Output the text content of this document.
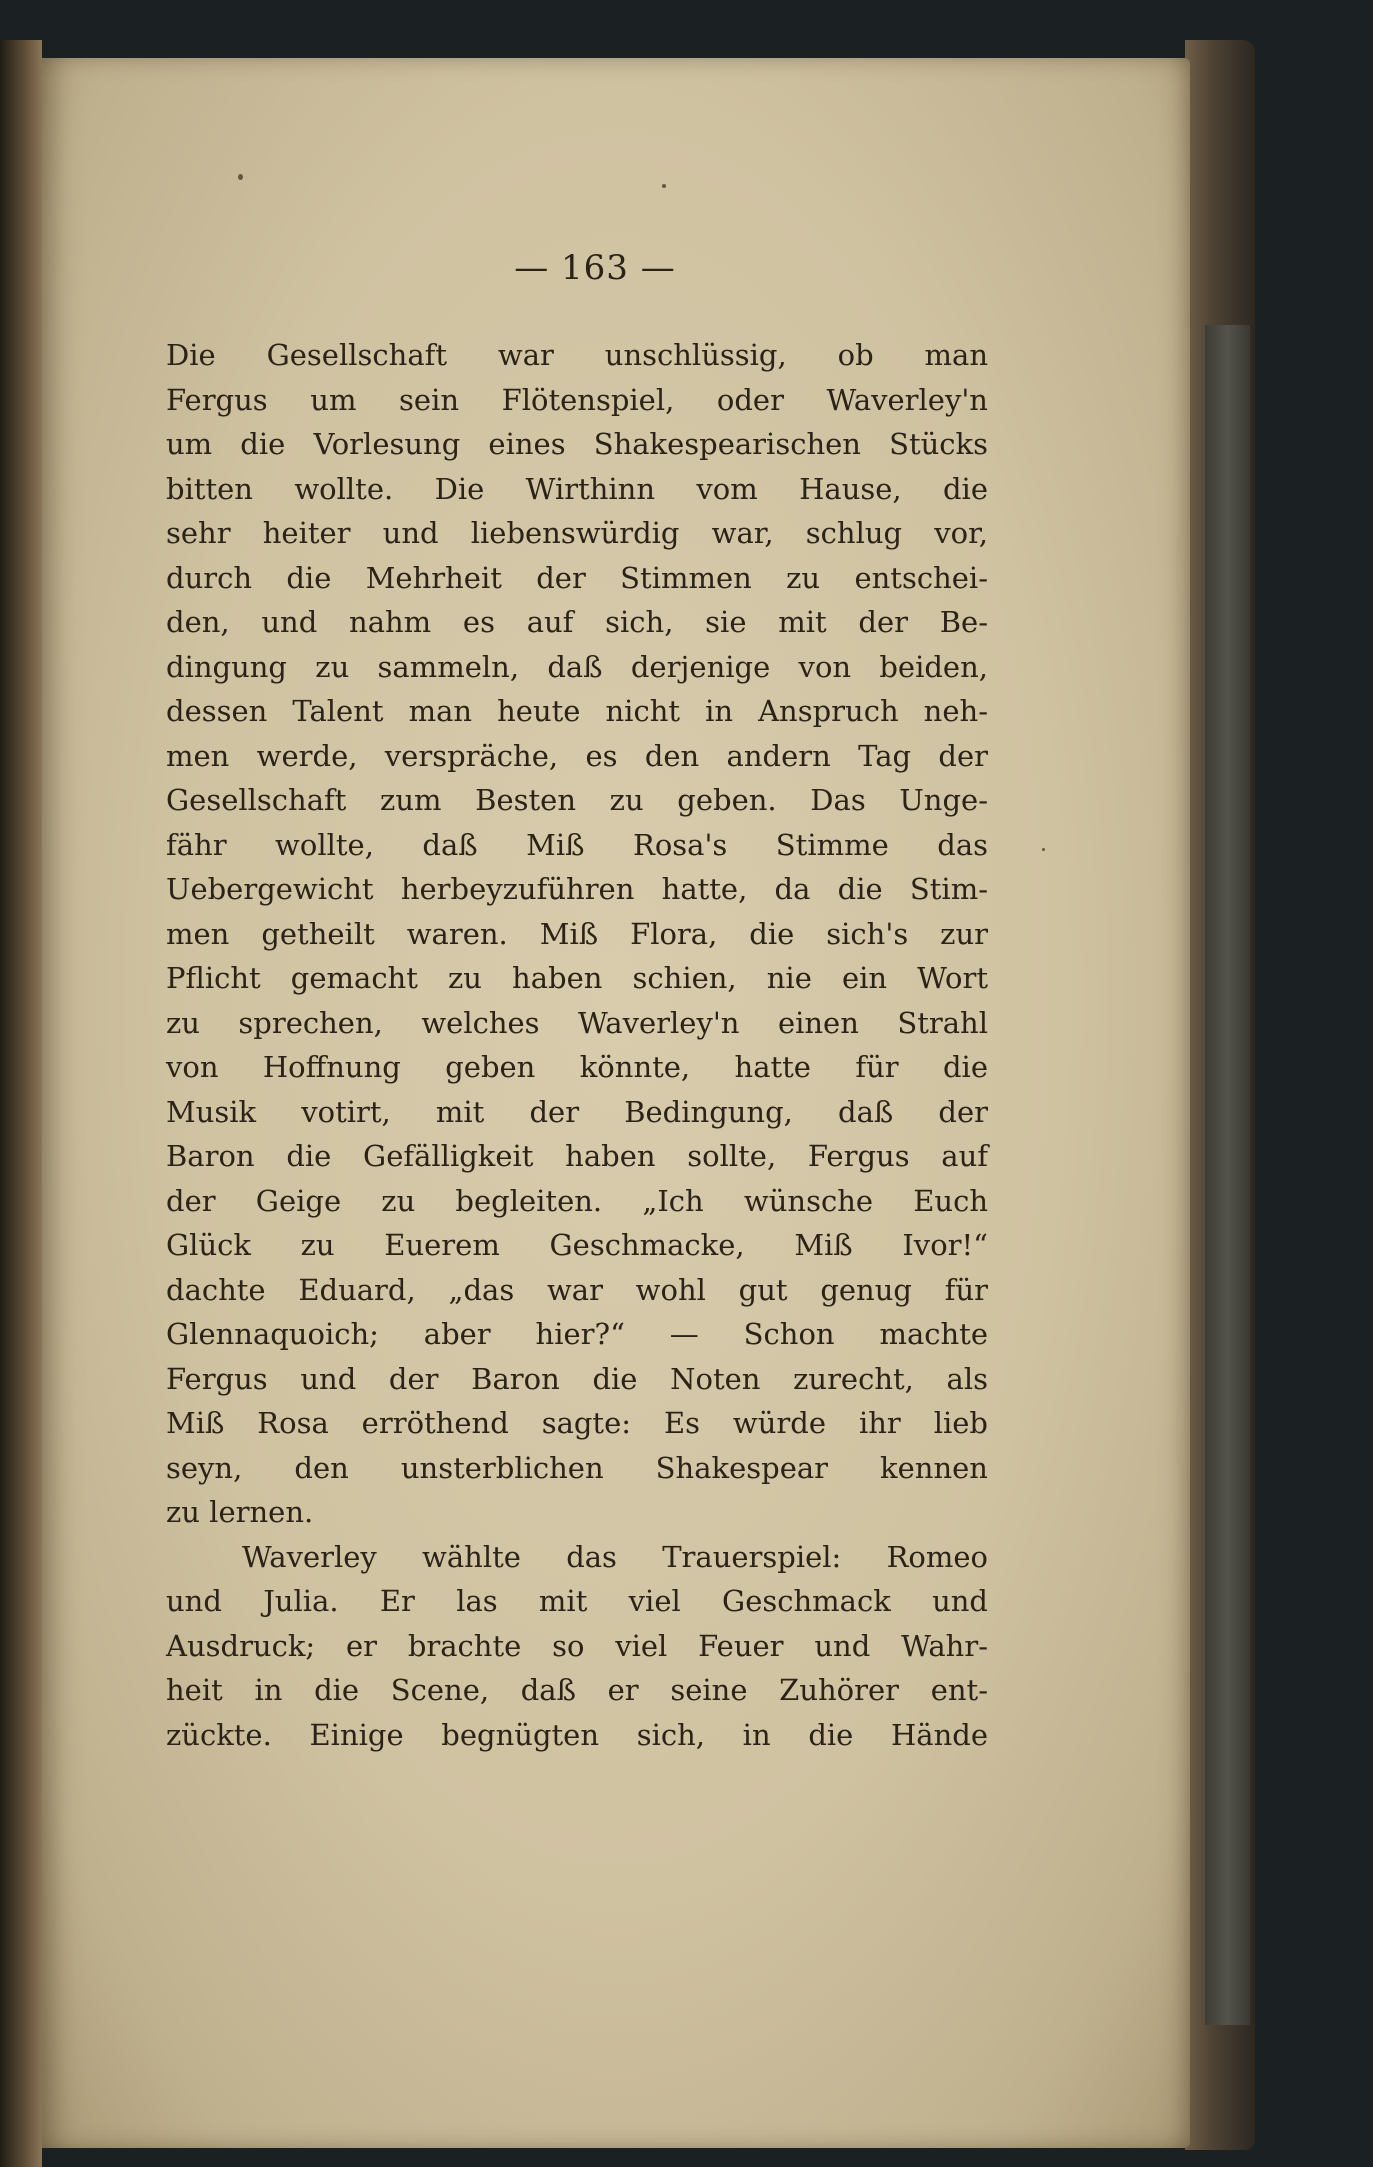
— 163 —
Die Gesellschaft war unschlüssig, ob man
Fergus um sein Flötenspiel, oder Waverley'n
um die Vorlesung eines Shakespearischen Stücks
bitten wollte. Die Wirthinn vom Hause, die
sehr heiter und liebenswürdig war, schlug vor,
durch die Mehrheit der Stimmen zu entschei-
den, und nahm es auf sich, sie mit der Be-
dingung zu sammeln, daß derjenige von beiden,
dessen Talent man heute nicht in Anspruch neh-
men werde, verspräche, es den andern Tag der
Gesellschaft zum Besten zu geben. Das Unge-
fähr wollte, daß Miß Rosa's Stimme das
Uebergewicht herbeyzuführen hatte, da die Stim-
men getheilt waren. Miß Flora, die sich's zur
Pflicht gemacht zu haben schien, nie ein Wort
zu sprechen, welches Waverley'n einen Strahl
von Hoffnung geben könnte, hatte für die
Musik votirt, mit der Bedingung, daß der
Baron die Gefälligkeit haben sollte, Fergus auf
der Geige zu begleiten. „Ich wünsche Euch
Glück zu Euerem Geschmacke, Miß Ivor!“
dachte Eduard, „das war wohl gut genug für
Glennaquoich; aber hier?“ — Schon machte
Fergus und der Baron die Noten zurecht, als
Miß Rosa erröthend sagte: Es würde ihr lieb
seyn, den unsterblichen Shakespear kennen
zu lernen.
Waverley wählte das Trauerspiel: Romeo
und Julia. Er las mit viel Geschmack und
Ausdruck; er brachte so viel Feuer und Wahr-
heit in die Scene, daß er seine Zuhörer ent-
zückte. Einige begnügten sich, in die Hände
